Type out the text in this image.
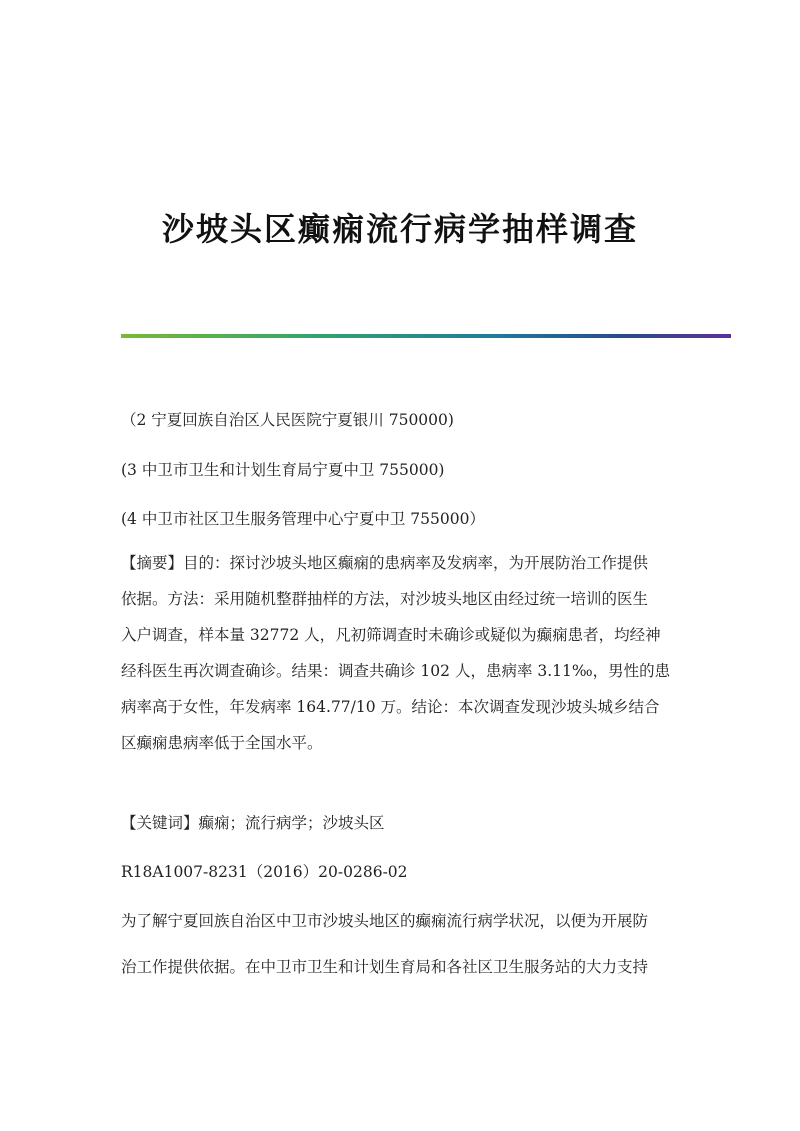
沙坡头区癫痫流行病学抽样调查
（2 宁夏回族自治区人民医院宁夏银川 750000)
(3 中卫市卫生和计划生育局宁夏中卫 755000)
(4 中卫市社区卫生服务管理中心宁夏中卫 755000）
【摘要】目的：探讨沙坡头地区癫痫的患病率及发病率，为开展防治工作提供
依据。方法：采用随机整群抽样的方法，对沙坡头地区由经过统一培训的医生
入户调查，样本量 32772 人，凡初筛调查时未确诊或疑似为癫痫患者，均经神
经科医生再次调查确诊。结果：调查共确诊 102 人，患病率 3.11‰，男性的患
病率高于女性，年发病率 164.77/10 万。结论：本次调查发现沙坡头城乡结合
区癫痫患病率低于全国水平。
【关键词】癫痫；流行病学；沙坡头区
R18A1007-8231（2016）20-0286-02
为了解宁夏回族自治区中卫市沙坡头地区的癫痫流行病学状况，以便为开展防
治工作提供依据。在中卫市卫生和计划生育局和各社区卫生服务站的大力支持
